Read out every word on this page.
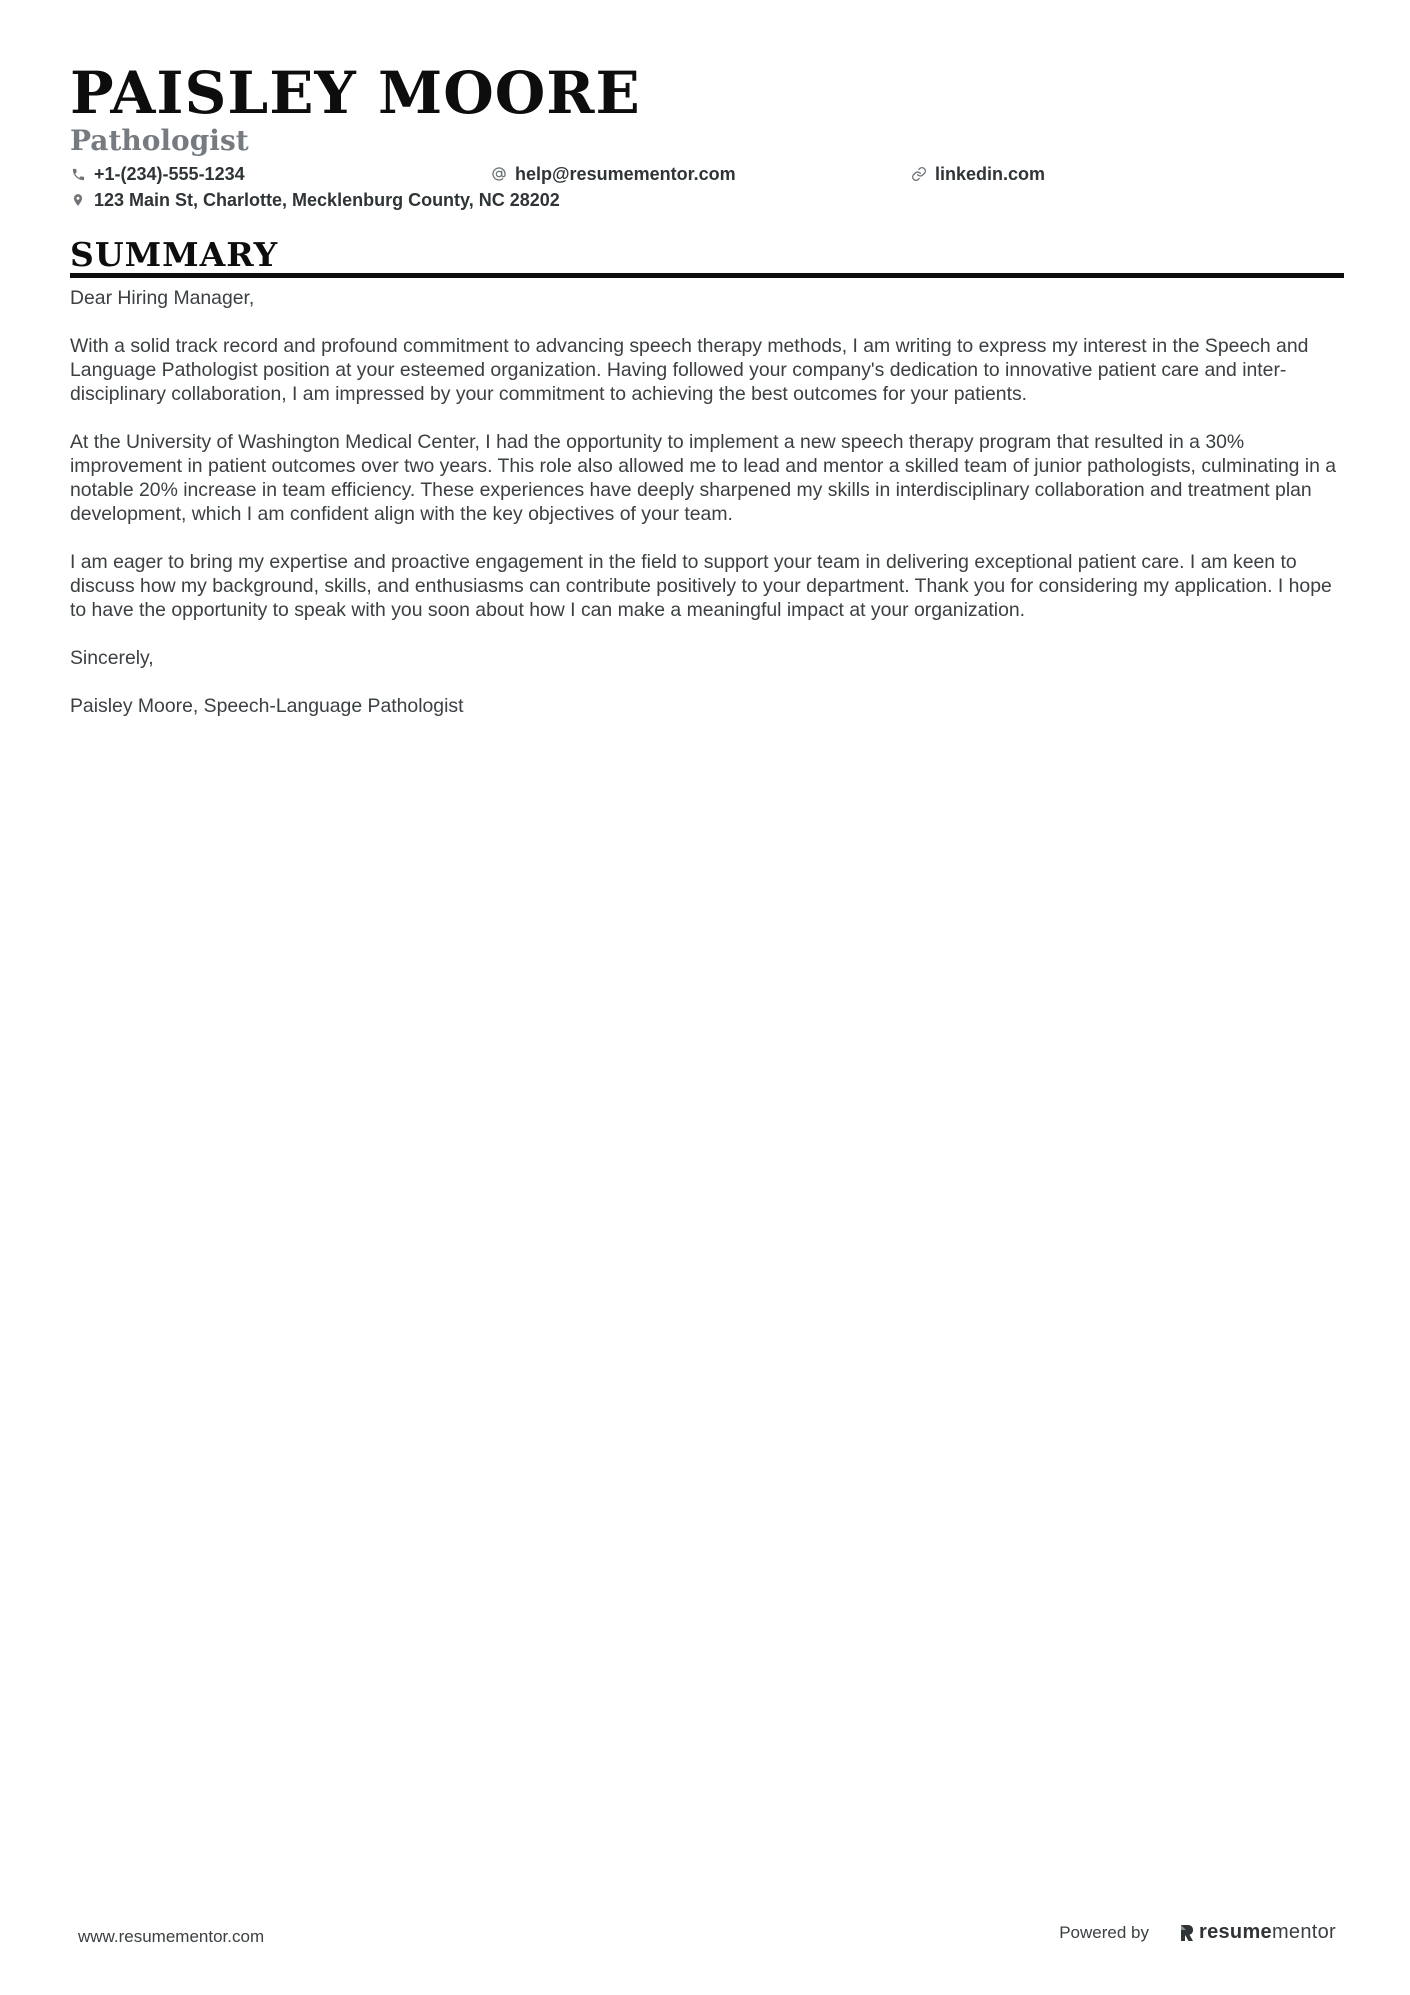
PAISLEY MOORE
Pathologist
+1-(234)-555-1234	help@resumementor.com	linkedin.com
123 Main St, Charlotte, Mecklenburg County, NC 28202
SUMMARY

Dear Hiring Manager,

With a solid track record and profound commitment to advancing speech therapy methods, I am writing to express my interest in the Speech and Language Pathologist position at your esteemed organization. Having followed your company's dedication to innovative patient care and inter-disciplinary collaboration, I am impressed by your commitment to achieving the best outcomes for your patients.

At the University of Washington Medical Center, I had the opportunity to implement a new speech therapy program that resulted in a 30% improvement in patient outcomes over two years. This role also allowed me to lead and mentor a skilled team of junior pathologists, culminating in a notable 20% increase in team efficiency. These experiences have deeply sharpened my skills in interdisciplinary collaboration and treatment plan development, which I am confident align with the key objectives of your team.

I am eager to bring my expertise and proactive engagement in the field to support your team in delivering exceptional patient care. I am keen to discuss how my background, skills, and enthusiasms can contribute positively to your department. Thank you for considering my application. I hope to have the opportunity to speak with you soon about how I can make a meaningful impact at your organization.

Sincerely,

Paisley Moore, Speech-Language Pathologist

www.resumementor.com	Powered by	resume mentor
